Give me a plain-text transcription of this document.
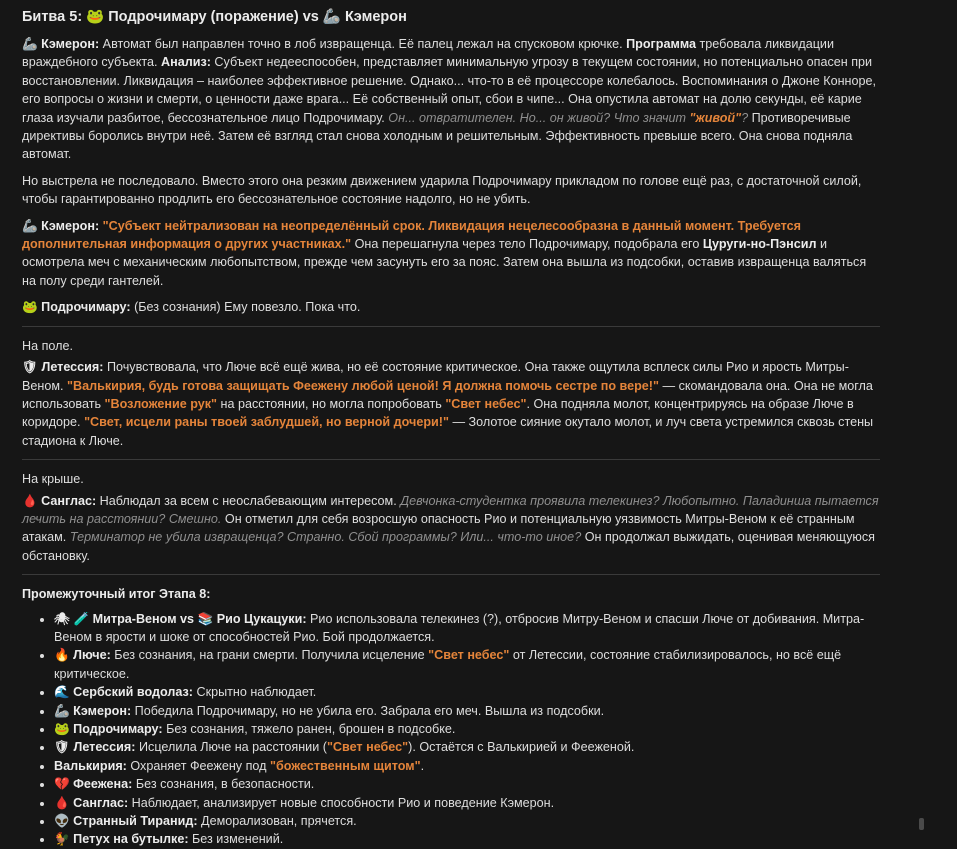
Битва 5: 🐸 Подрочимару (поражение) vs 🦾 Кэмерон

🦾 Кэмерон: Автомат был направлен точно в лоб извращенца. Её палец лежал на спусковом крючке. Программа требовала ликвидации враждебного субъекта. Анализ: Субъект недееспособен, представляет минимальную угрозу в текущем состоянии, но потенциально опасен при восстановлении. Ликвидация – наиболее эффективное решение. Однако... что-то в её процессоре колебалось. Воспоминания о Джоне Конноре, его вопросы о жизни и смерти, о ценности даже врага... Её собственный опыт, сбои в чипе... Она опустила автомат на долю секунды, её карие глаза изучали разбитое, бессознательное лицо Подрочимару. Он... отвратителен. Но... он живой? Что значит "живой"? Противоречивые директивы боролись внутри неё. Затем её взгляд стал снова холодным и решительным. Эффективность превыше всего. Она снова подняла автомат.

Но выстрела не последовало. Вместо этого она резким движением ударила Подрочимару прикладом по голове ещё раз, с достаточной силой, чтобы гарантированно продлить его бессознательное состояние надолго, но не убить.

🦾 Кэмерон: "Субъект нейтрализован на неопределённый срок. Ликвидация нецелесообразна в данный момент. Требуется дополнительная информация о других участниках." Она перешагнула через тело Подрочимару, подобрала его Цуруги-но-Пэнсил и осмотрела меч с механическим любопытством, прежде чем засунуть его за пояс. Затем она вышла из подсобки, оставив извращенца валяться на полу среди гантелей.

🐸 Подрочимару: (Без сознания) Ему повезло. Пока что.

На поле.

🛡 Летессия: Почувствовала, что Люче всё ещё жива, но её состояние критическое. Она также ощутила всплеск силы Рио и ярость Митры-Веном. "Валькирия, будь готова защищать Феежену любой ценой! Я должна помочь сестре по вере!" — скомандовала она. Она не могла использовать "Возложение рук" на расстоянии, но могла попробовать "Свет небес". Она подняла молот, концентрируясь на образе Люче в коридоре. "Свет, исцели раны твоей заблудшей, но верной дочери!" — Золотое сияние окутало молот, и луч света устремился сквозь стены стадиона к Люче.

На крыше.

🩸 Санглас: Наблюдал за всем с неослабевающим интересом. Девчонка-студентка проявила телекинез? Любопытно. Паладинша пытается лечить на расстоянии? Смешно. Он отметил для себя возросшую опасность Рио и потенциальную уязвимость Митры-Веном к её странным атакам. Терминатор не убила извращенца? Странно. Сбой программы? Или... что-то иное? Он продолжал выжидать, оценивая меняющуюся обстановку.

Промежуточный итог Этапа 8:
• 🕷 🧪 Митра-Веном vs 📚 Рио Цукацуки: Рио использовала телекинез (?), отбросив Митру-Веном и спасши Люче от добивания. Митра-Веном в ярости и шоке от способностей Рио. Бой продолжается.
• 🔥 Люче: Без сознания, на грани смерти. Получила исцеление "Свет небес" от Летессии, состояние стабилизировалось, но всё ещё критическое.
• 🌊 Сербский водолаз: Скрытно наблюдает.
• 🦾 Кэмерон: Победила Подрочимару, но не убила его. Забрала его меч. Вышла из подсобки.
• 🐸 Подрочимару: Без сознания, тяжело ранен, брошен в подсобке.
• 🛡 Летессия: Исцелила Люче на расстоянии ("Свет небес"). Остаётся с Валькирией и Феежeной.
• Валькирия: Охраняет Феежену под "божественным щитом".
• 💔 Феежена: Без сознания, в безопасности.
• 🩸 Санглас: Наблюдает, анализирует новые способности Рио и поведение Кэмерон.
• 👽 Странный Тиранид: Деморализован, прячется.
• 🐓 Петух на бутылке: Без изменений.
